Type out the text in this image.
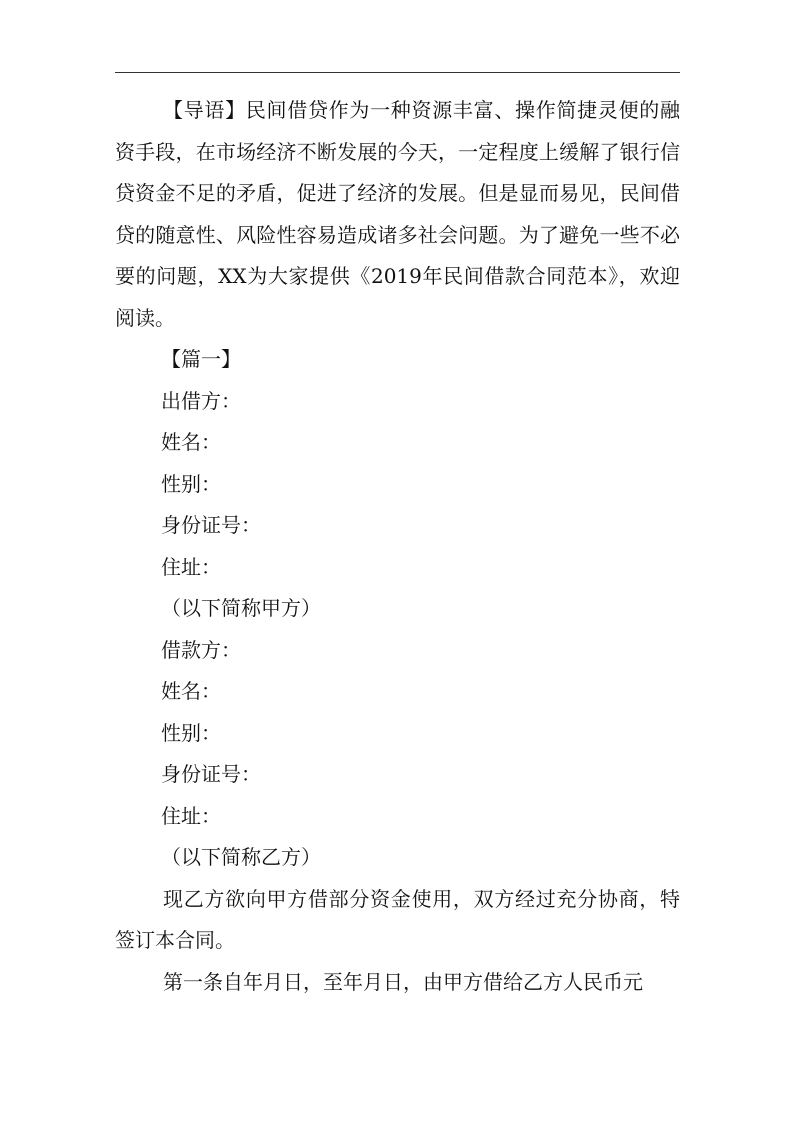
【导语】民间借贷作为一种资源丰富、操作简捷灵便的融资手段，在市场经济不断发展的今天，一定程度上缓解了银行信贷资金不足的矛盾，促进了经济的发展。但是显而易见，民间借贷的随意性、风险性容易造成诸多社会问题。为了避免一些不必要的问题，XX为大家提供《2019年民间借款合同范本》，欢迎阅读。

【篇一】

出借方：

姓名：

性别：

身份证号：

住址：

（以下简称甲方）

借款方：

姓名：

性别：

身份证号：

住址：

（以下简称乙方）

现乙方欲向甲方借部分资金使用，双方经过充分协商，特签订本合同。

第一条自年月日，至年月日，由甲方借给乙方人民币元
